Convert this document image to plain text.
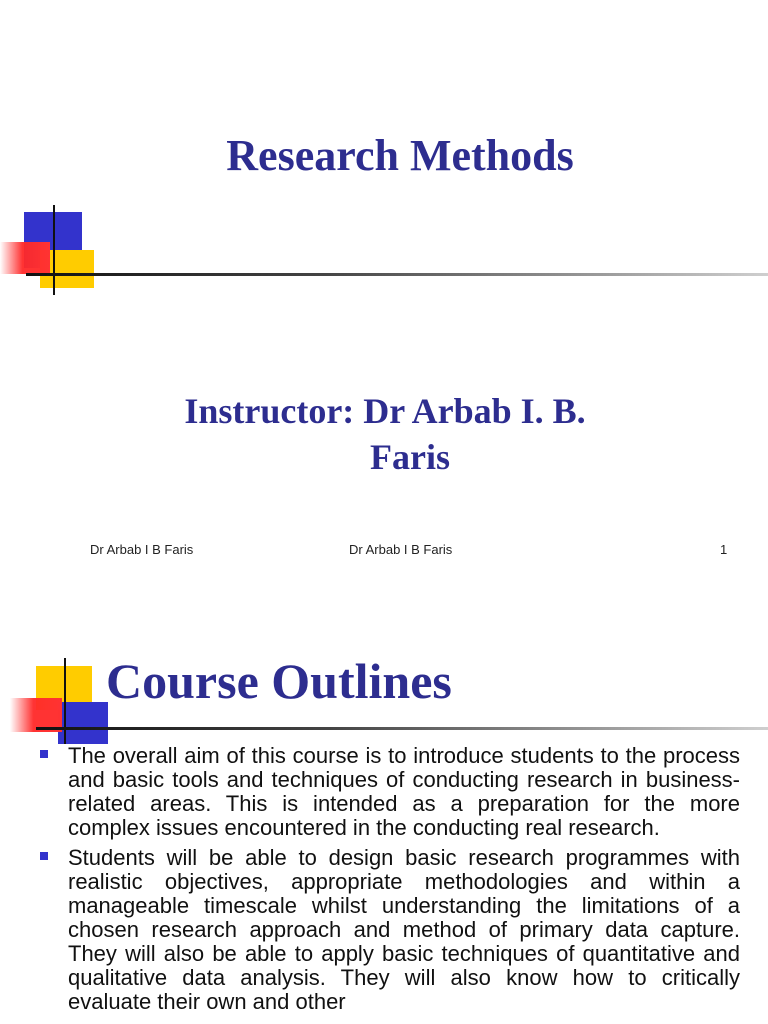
Research Methods
Instructor: Dr Arbab I. B.
Faris
Dr Arbab I B Faris	Dr Arbab I B Faris	1
Course Outlines
The overall aim of this course is to introduce students to the process and basic tools and techniques of conducting research in business-related areas. This is intended as a preparation for the more complex issues encountered in the conducting real research.
Students will be able to design basic research programmes with realistic objectives, appropriate methodologies and within a manageable timescale whilst understanding the limitations of a chosen research approach and method of primary data capture. They will also be able to apply basic techniques of quantitative and qualitative data analysis. They will also know how to critically evaluate their own and other
